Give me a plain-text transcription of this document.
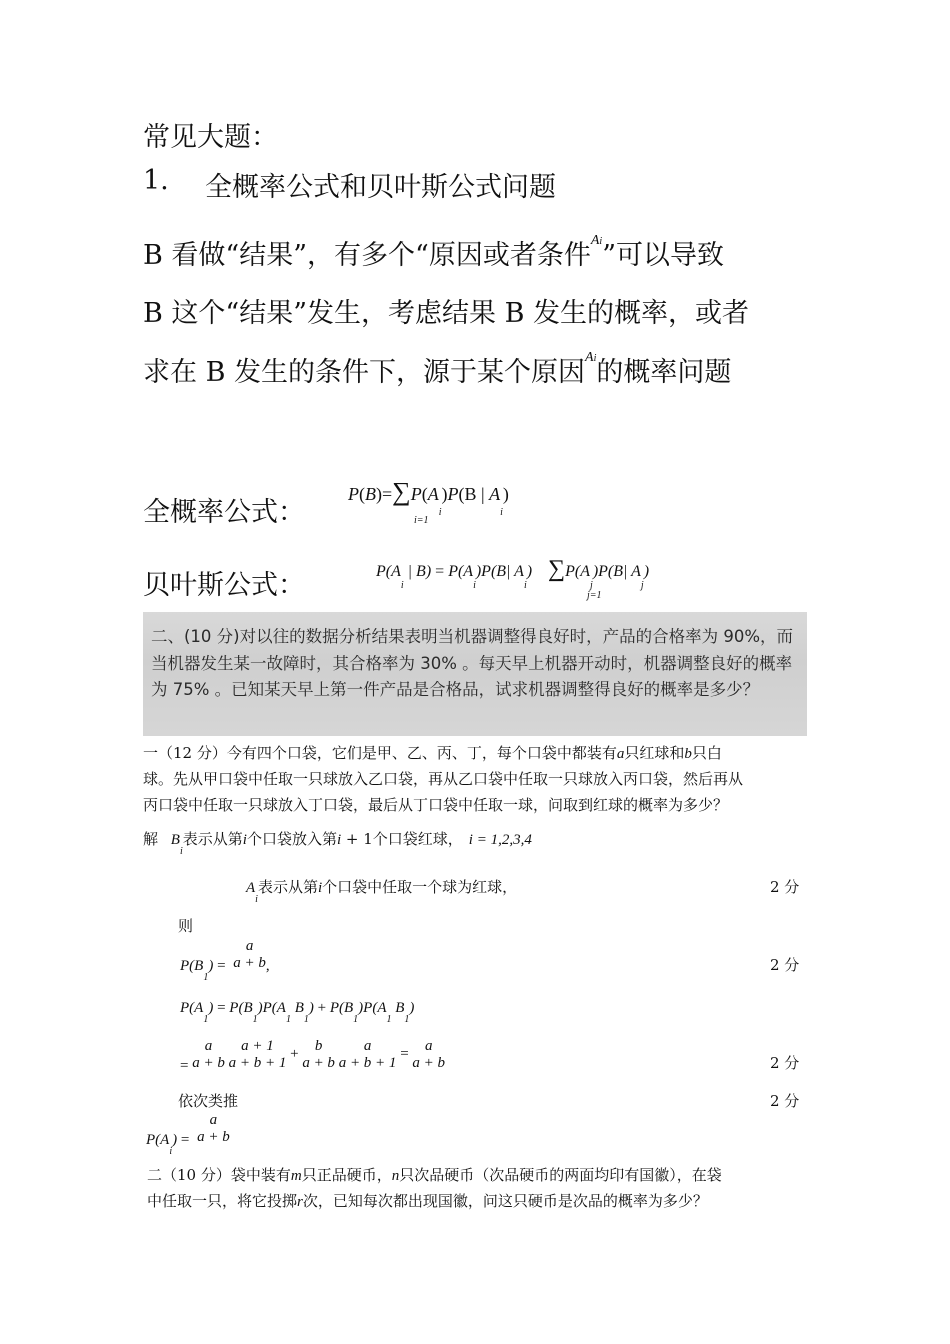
常见大题：
1. 全概率公式和贝叶斯公式问题
B 看做“结果”，有多个“原因或者条件$^{Ai}$”可以导致
B 这个“结果”发生，考虑结果 B 发生的概率，或者
求在 B 发生的条件下，源于某个原因$^{Ai}$的概率问题
全概率公式：
$P(B)=\sum P(A_i)P(B$ | $A_i$)
i=1
贝叶斯公式：	$P(A_i$ | $B) = P(A_i)P(B|$ $A_i$) $\sum P(A_j)P(B|$ $A_j$)
j=1
二、(10 分)对以往的数据分析结果表明当机器调整得良好时，产品的合格率为 90%，而当机器发生某一故障时，其合格率为 30% 。每天早上机器开动时，机器调整良好的概率为 75% 。已知某天早上第一件产品是合格品，试求机器调整得良好的概率是多少？
一（12 分）今有四个口袋，它们是甲、乙、丙、丁，每个口袋中都装有a只红球和b只白
球。先从甲口袋中任取一只球放入乙口袋，再从乙口袋中任取一只球放入丙口袋，然后再从
丙口袋中任取一只球放入丁口袋，最后从丁口袋中任取一球，问取到红球的概率为多少？
解 $B_i$表示从第i个口袋放入第i + 1个口袋红球， i = 1,2,3,4
$A_i$表示从第i个口袋中任取一个球为红球，	2 分
则
$P(B_1)$ =
a
a + b ,	2 分
$P(A_1) = P(B_1)P(A_1$ $B_1) + P(B_1)P(A_1$ $B_1$)
=
a
a + b

a + 1
a + b + 1
+
b
a + b

a
a + b + 1
=
a
a + b	2 分
依次类推	2 分
$P(A_i)$ =
a
a + b
二（10 分）袋中装有m只正品硬币，n只次品硬币（次品硬币的两面均印有国徽），在袋
中任取一只，将它投掷r次，已知每次都出现国徽，问这只硬币是次品的概率为多少？
